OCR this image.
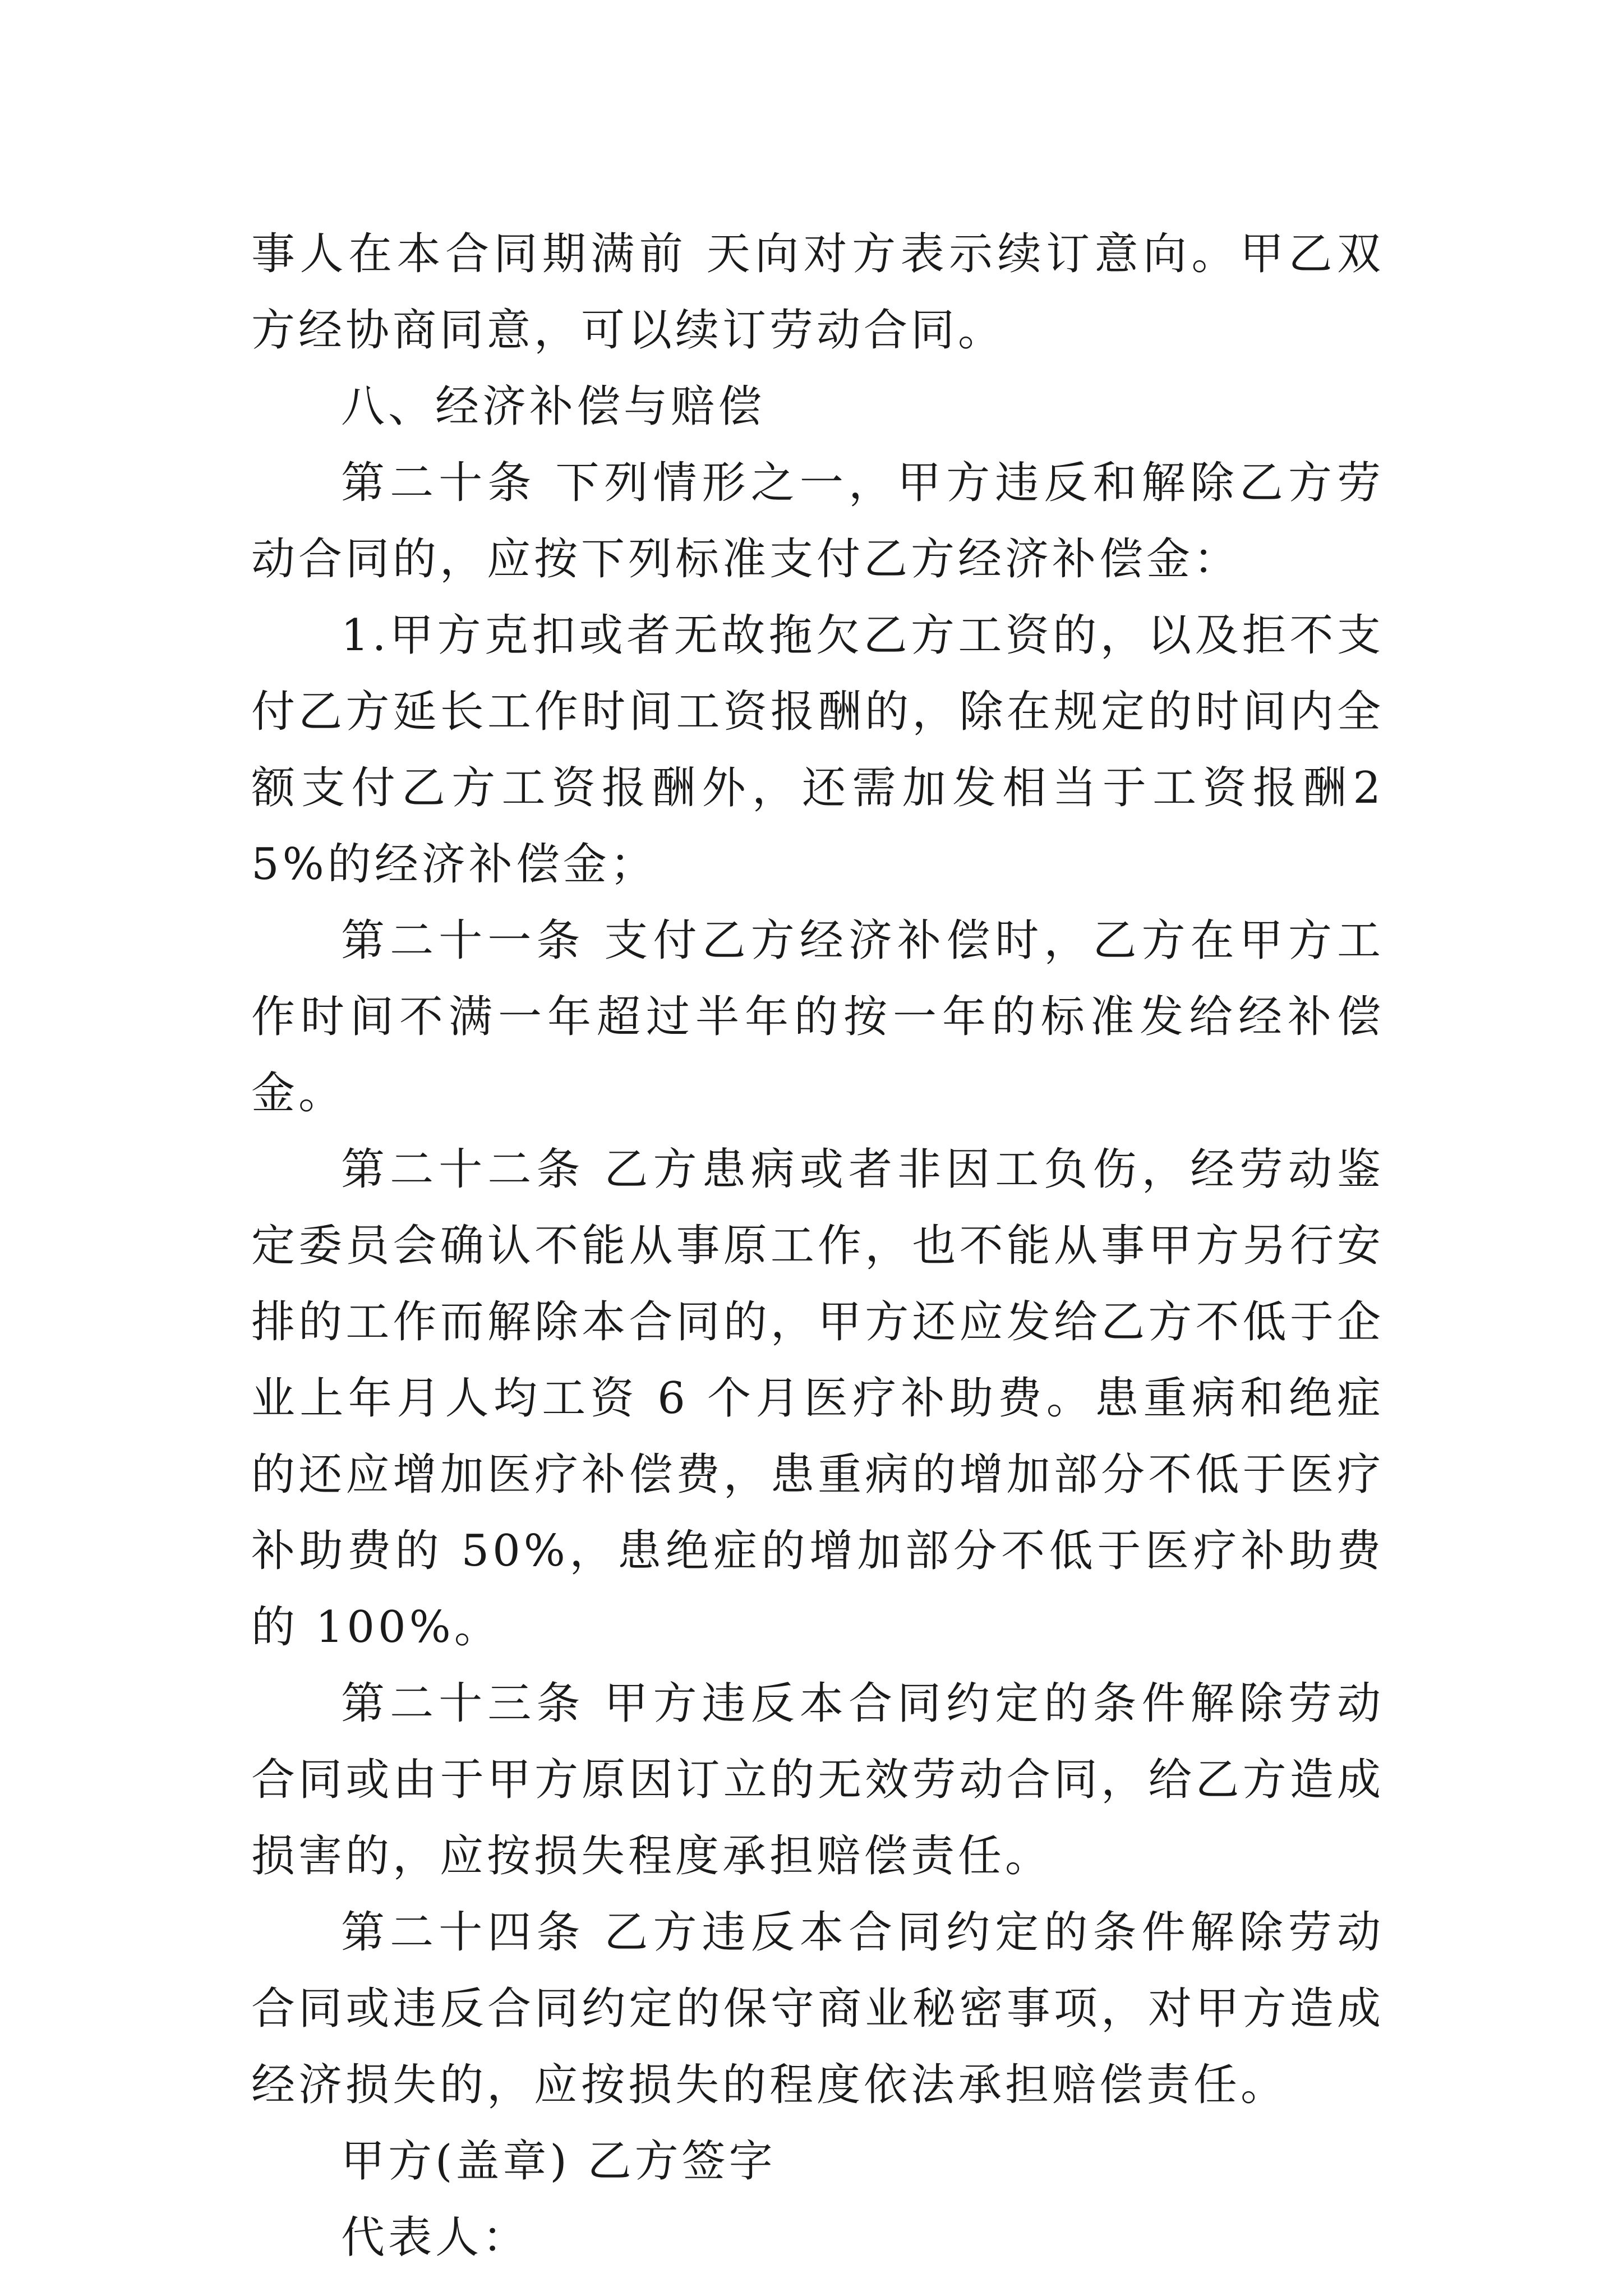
事人在本合同期满前 天向对方表示续订意向。甲乙双方经协商同意，可以续订劳动合同。

八、经济补偿与赔偿

第二十条 下列情形之一，甲方违反和解除乙方劳动合同的，应按下列标准支付乙方经济补偿金：

1.甲方克扣或者无故拖欠乙方工资的，以及拒不支付乙方延长工作时间工资报酬的，除在规定的时间内全额支付乙方工资报酬外，还需加发相当于工资报酬25%的经济补偿金；

第二十一条 支付乙方经济补偿时，乙方在甲方工作时间不满一年超过半年的按一年的标准发给经补偿金。

第二十二条 乙方患病或者非因工负伤，经劳动鉴定委员会确认不能从事原工作，也不能从事甲方另行安排的工作而解除本合同的，甲方还应发给乙方不低于企业上年月人均工资 6 个月医疗补助费。患重病和绝症的还应增加医疗补偿费，患重病的增加部分不低于医疗补助费的 50%，患绝症的增加部分不低于医疗补助费的 100%。

第二十三条 甲方违反本合同约定的条件解除劳动合同或由于甲方原因订立的无效劳动合同，给乙方造成损害的，应按损失程度承担赔偿责任。

第二十四条 乙方违反本合同约定的条件解除劳动合同或违反合同约定的保守商业秘密事项，对甲方造成经济损失的，应按损失的程度依法承担赔偿责任。

甲方(盖章) 乙方签字

代表人：
